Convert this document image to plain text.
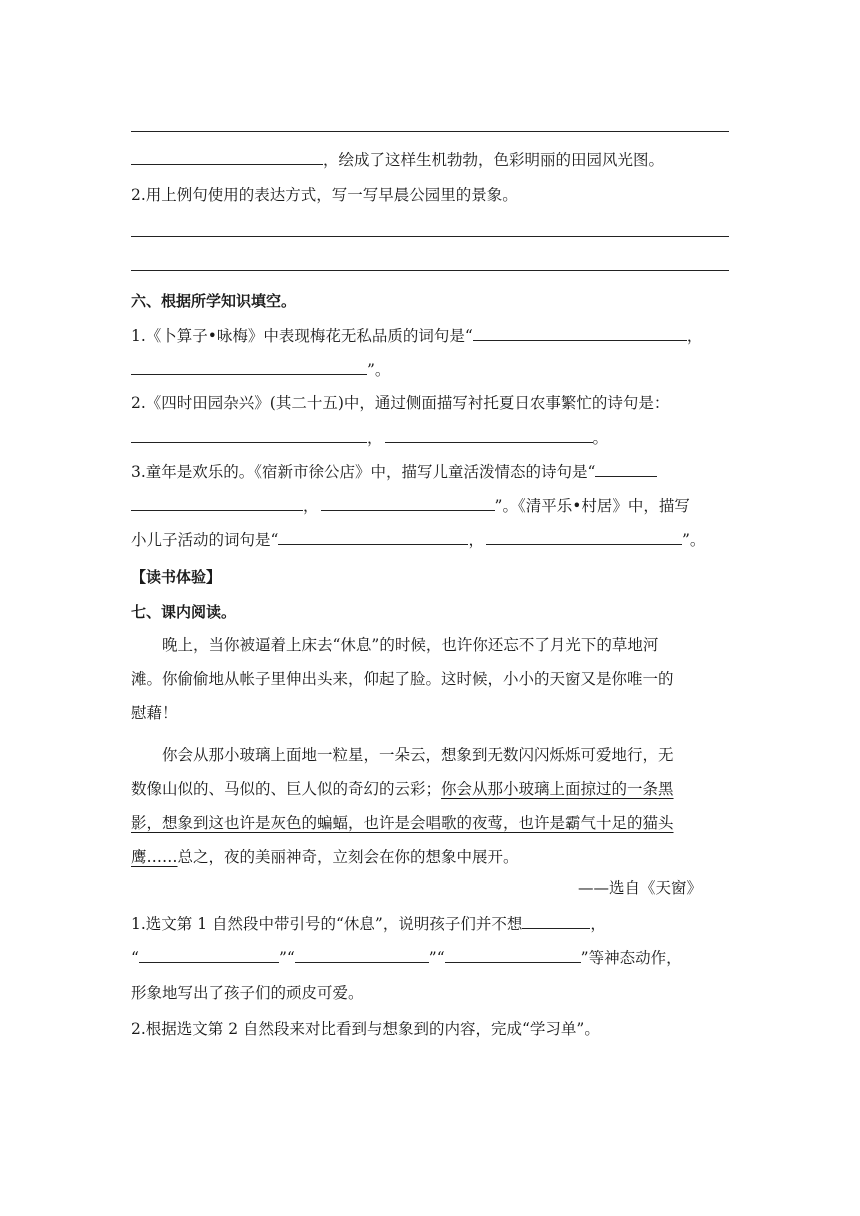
，绘成了这样生机勃勃，色彩明丽的田园风光图。
2.用上例句使用的表达方式，写一写早晨公园里的景象。
六、根据所学知识填空。
1.《卜算子•咏梅》中表现梅花无私品质的词句是“	，
”。
2.《四时田园杂兴》(其二十五)中，通过侧面描写衬托夏日农事繁忙的诗句是：
，	。
3.童年是欢乐的。《宿新市徐公店》中，描写儿童活泼情态的诗句是“
，	”。《清平乐•村居》中，描写
小儿子活动的词句是“	，	”。
【读书体验】
七、课内阅读。
晚上，当你被逼着上床去“休息”的时候，也许你还忘不了月光下的草地河
滩。你偷偷地从帐子里伸出头来，仰起了脸。这时候，小小的天窗又是你唯一的
慰藉！
你会从那小玻璃上面地一粒星，一朵云，想象到无数闪闪烁烁可爱地行，无
数像山似的、马似的、巨人似的奇幻的云彩；你会从那小玻璃上面掠过的一条黑
影，想象到这也许是灰色的蝙蝠，也许是会唱歌的夜莺，也许是霸气十足的猫头
鹰……总之，夜的美丽神奇，立刻会在你的想象中展开。
——选自《天窗》
1.选文第 1 自然段中带引号的“休息”，说明孩子们并不想	，
“	”“	”“	”等神态动作，
形象地写出了孩子们的顽皮可爱。
2.根据选文第 2 自然段来对比看到与想象到的内容，完成“学习单”。
